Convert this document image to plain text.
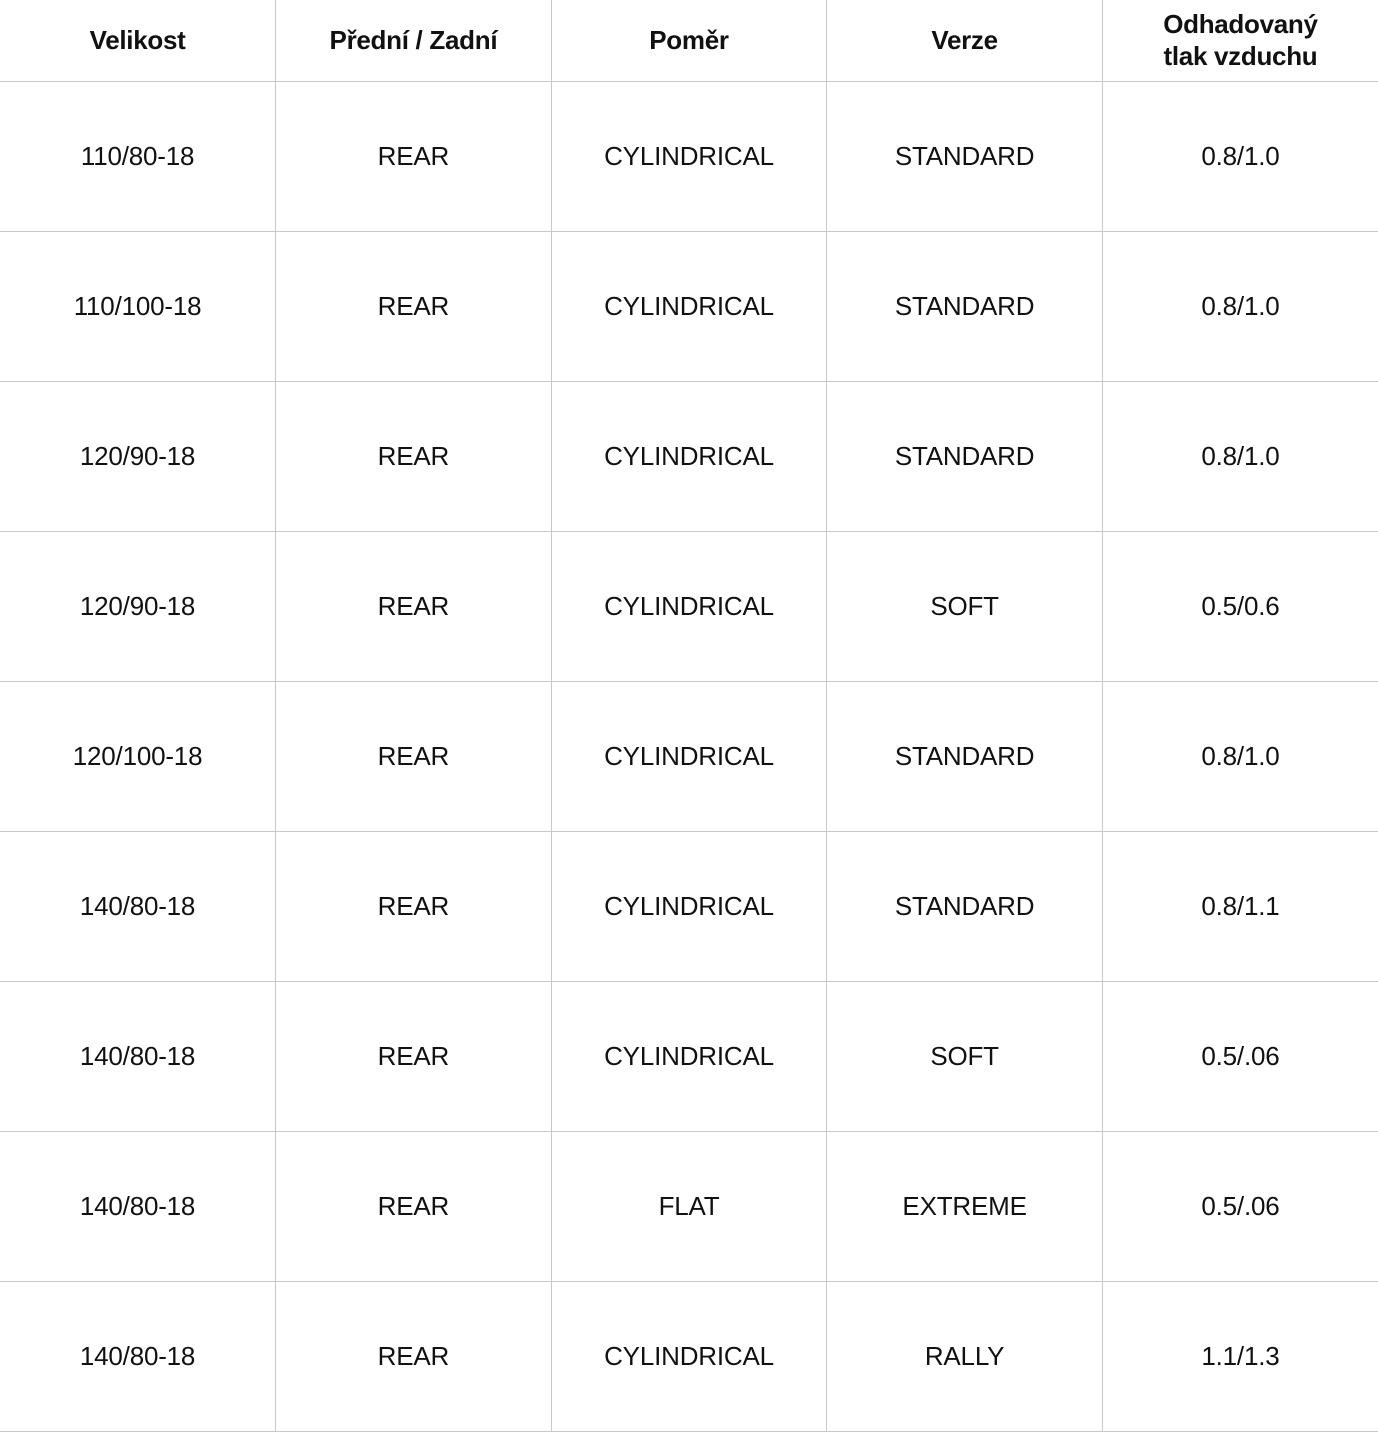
Velikost	Přední / Zadní	Poměr	Verze	Odhadovaný
tlak vzduchu
110/80-18	REAR	CYLINDRICAL	STANDARD	0.8/1.0
110/100-18	REAR	CYLINDRICAL	STANDARD	0.8/1.0
120/90-18	REAR	CYLINDRICAL	STANDARD	0.8/1.0
120/90-18	REAR	CYLINDRICAL	SOFT	0.5/0.6
120/100-18	REAR	CYLINDRICAL	STANDARD	0.8/1.0
140/80-18	REAR	CYLINDRICAL	STANDARD	0.8/1.1
140/80-18	REAR	CYLINDRICAL	SOFT	0.5/.06
140/80-18	REAR	FLAT	EXTREME	0.5/.06
140/80-18	REAR	CYLINDRICAL	RALLY	1.1/1.3
